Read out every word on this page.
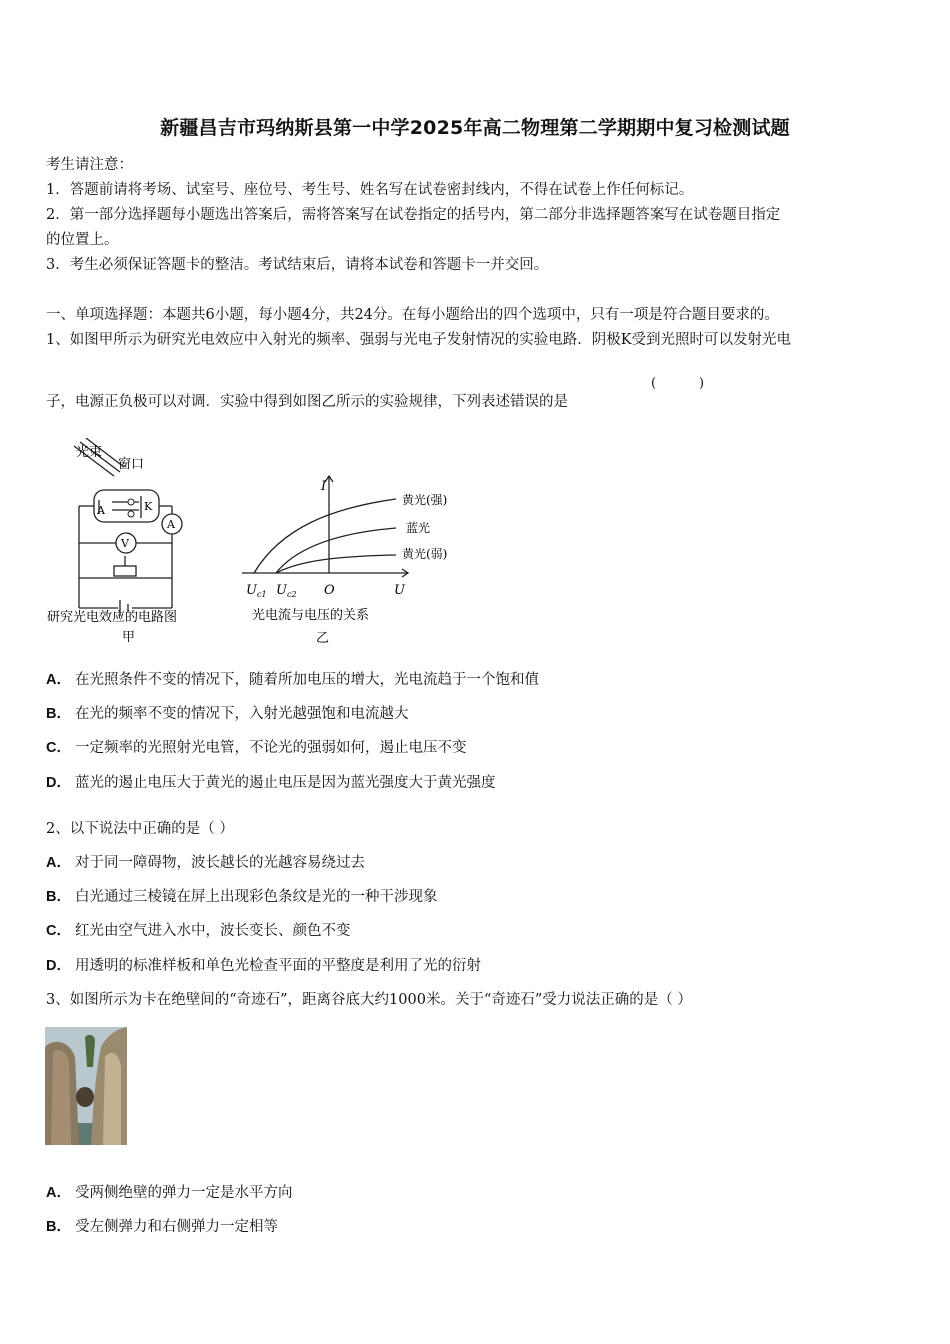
新疆昌吉市玛纳斯县第一中学2025年高二物理第二学期期中复习检测试题
考生请注意：
1．答题前请将考场、试室号、座位号、考生号、姓名写在试卷密封线内，不得在试卷上作任何标记。
2．第一部分选择题每小题选出答案后，需将答案写在试卷指定的括号内，第二部分非选择题答案写在试卷题目指定
的位置上。
3．考生必须保证答题卡的整洁。考试结束后，请将本试卷和答题卡一并交回。
一、单项选择题：本题共6小题，每小题4分，共24分。在每小题给出的四个选项中，只有一项是符合题目要求的。
1、如图甲所示为研究光电效应中入射光的频率、强弱与光电子发射情况的实验电路．阴极K受到光照时可以发射光电
子，电源正负极可以对调．实验中得到如图乙所示的实验规律，下列表述错误的是
(	)
光束
窗口
A	K
A
V
研究光电效应的电路图
甲
I
U
O
$U_{c1}$ $U_{c2}$
黄光(强)
蓝光
黄光(弱)
光电流与电压的关系
乙
A． 在光照条件不变的情况下，随着所加电压的增大，光电流趋于一个饱和值
B． 在光的频率不变的情况下，入射光越强饱和电流越大
C． 一定频率的光照射光电管，不论光的强弱如何，遏止电压不变
D． 蓝光的遏止电压大于黄光的遏止电压是因为蓝光强度大于黄光强度
2、以下说法中正确的是（ ）
A． 对于同一障碍物，波长越长的光越容易绕过去
B． 白光通过三棱镜在屏上出现彩色条纹是光的一种干涉现象
C． 红光由空气进入水中，波长变长、颜色不变
D． 用透明的标准样板和单色光检查平面的平整度是利用了光的衍射
3、如图所示为卡在绝壁间的“奇迹石”，距离谷底大约1000米。关于“奇迹石”受力说法正确的是（ ）
A． 受两侧绝壁的弹力一定是水平方向
B． 受左侧弹力和右侧弹力一定相等
